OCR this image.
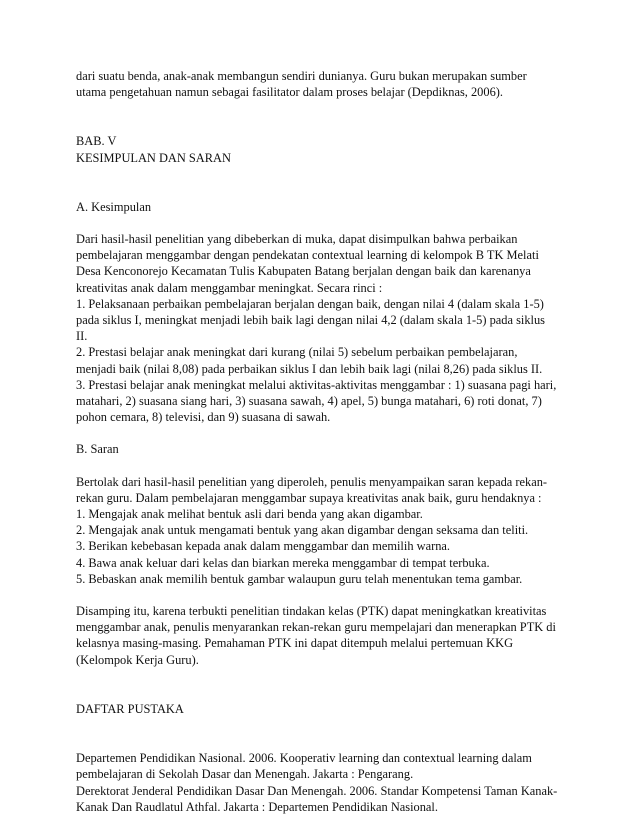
dari suatu benda, anak-anak membangun sendiri dunianya. Guru bukan merupakan sumber
utama pengetahuan namun sebagai fasilitator dalam proses belajar (Depdiknas, 2006).

BAB. V
KESIMPULAN DAN SARAN
A. Kesimpulan

Dari hasil-hasil penelitian yang dibeberkan di muka, dapat disimpulkan bahwa perbaikan
pembelajaran menggambar dengan pendekatan contextual learning di kelompok B TK Melati
Desa Kenconorejo Kecamatan Tulis Kabupaten Batang berjalan dengan baik dan karenanya
kreativitas anak dalam menggambar meningkat. Secara rinci :
1. Pelaksanaan perbaikan pembelajaran berjalan dengan baik, dengan nilai 4 (dalam skala 1-5)
pada siklus I, meningkat menjadi lebih baik lagi dengan nilai 4,2 (dalam skala 1-5) pada siklus
II.
2. Prestasi belajar anak meningkat dari kurang (nilai 5) sebelum perbaikan pembelajaran,
menjadi baik (nilai 8,08) pada perbaikan siklus I dan lebih baik lagi (nilai 8,26) pada siklus II.
3. Prestasi belajar anak meningkat melalui aktivitas-aktivitas menggambar : 1) suasana pagi hari,
matahari, 2) suasana siang hari, 3) suasana sawah, 4) apel, 5) bunga matahari, 6) roti donat, 7)
pohon cemara, 8) televisi, dan 9) suasana di sawah.

B. Saran

Bertolak dari hasil-hasil penelitian yang diperoleh, penulis menyampaikan saran kepada rekan-
rekan guru. Dalam pembelajaran menggambar supaya kreativitas anak baik, guru hendaknya :
1. Mengajak anak melihat bentuk asli dari benda yang akan digambar.
2. Mengajak anak untuk mengamati bentuk yang akan digambar dengan seksama dan teliti.
3. Berikan kebebasan kepada anak dalam menggambar dan memilih warna.
4. Bawa anak keluar dari kelas dan biarkan mereka menggambar di tempat terbuka.
5. Bebaskan anak memilih bentuk gambar walaupun guru telah menentukan tema gambar.

Disamping itu, karena terbukti penelitian tindakan kelas (PTK) dapat meningkatkan kreativitas
menggambar anak, penulis menyarankan rekan-rekan guru mempelajari dan menerapkan PTK di
kelasnya masing-masing. Pemahaman PTK ini dapat ditempuh melalui pertemuan KKG
(Kelompok Kerja Guru).

DAFTAR PUSTAKA

Departemen Pendidikan Nasional. 2006. Kooperativ learning dan contextual learning dalam
pembelajaran di Sekolah Dasar dan Menengah. Jakarta : Pengarang.
Derektorat Jenderal Pendidikan Dasar Dan Menengah. 2006. Standar Kompetensi Taman Kanak-
Kanak Dan Raudlatul Athfal. Jakarta : Departemen Pendidikan Nasional.
